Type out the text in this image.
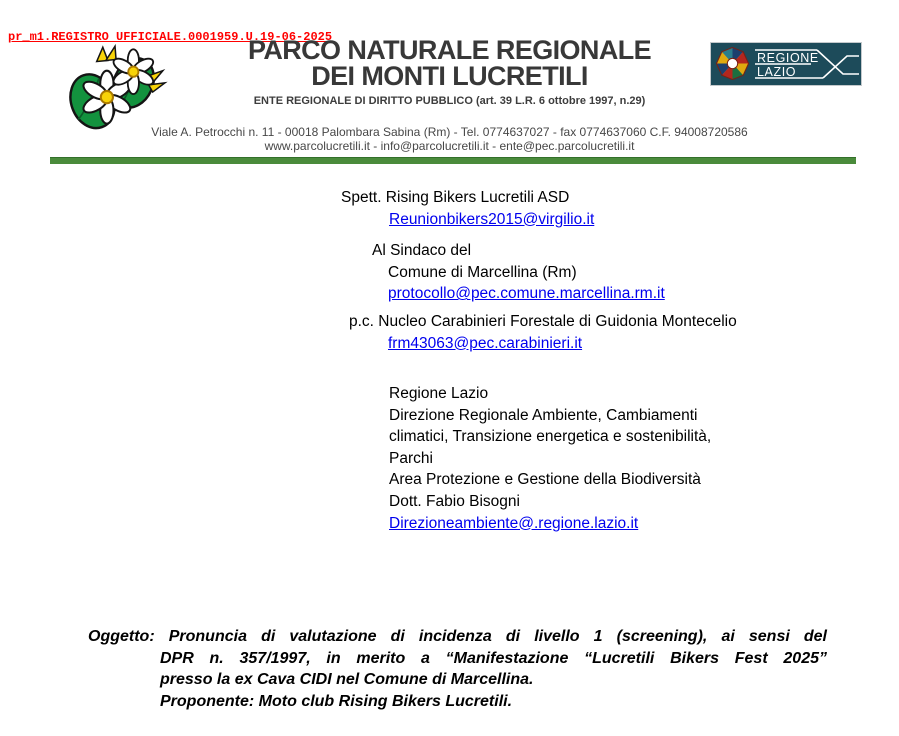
pr_m1.REGISTRO UFFICIALE.0001959.U.19-06-2025
PARCO NATURALE REGIONALE
DEI MONTI LUCRETILI
ENTE REGIONALE DI DIRITTO PUBBLICO (art. 39 L.R. 6 ottobre 1997, n.29)
Viale A. Petrocchi n. 11 - 00018 Palombara Sabina (Rm) - Tel. 0774637027 - fax 0774637060 C.F. 94008720586
www.parcolucretili.it - info@parcolucretili.it - ente@pec.parcolucretili.it
REGIONE
LAZIO
Spett. Rising Bikers Lucretili ASD
Reunionbikers2015@virgilio.it
Al Sindaco del
Comune di Marcellina (Rm)
protocollo@pec.comune.marcellina.rm.it
p.c. Nucleo Carabinieri Forestale di Guidonia Montecelio
frm43063@pec.carabinieri.it
Regione Lazio
Direzione Regionale Ambiente, Cambiamenti
climatici, Transizione energetica e sostenibilità,
Parchi
Area Protezione e Gestione della Biodiversità
Dott. Fabio Bisogni
Direzioneambiente@.regione.lazio.it
Oggetto: Pronuncia di valutazione di incidenza di livello 1 (screening), ai sensi del
DPR n. 357/1997, in merito a “Manifestazione “Lucretili Bikers Fest 2025”
presso la ex Cava CIDI nel Comune di Marcellina.
Proponente: Moto club Rising Bikers Lucretili.
